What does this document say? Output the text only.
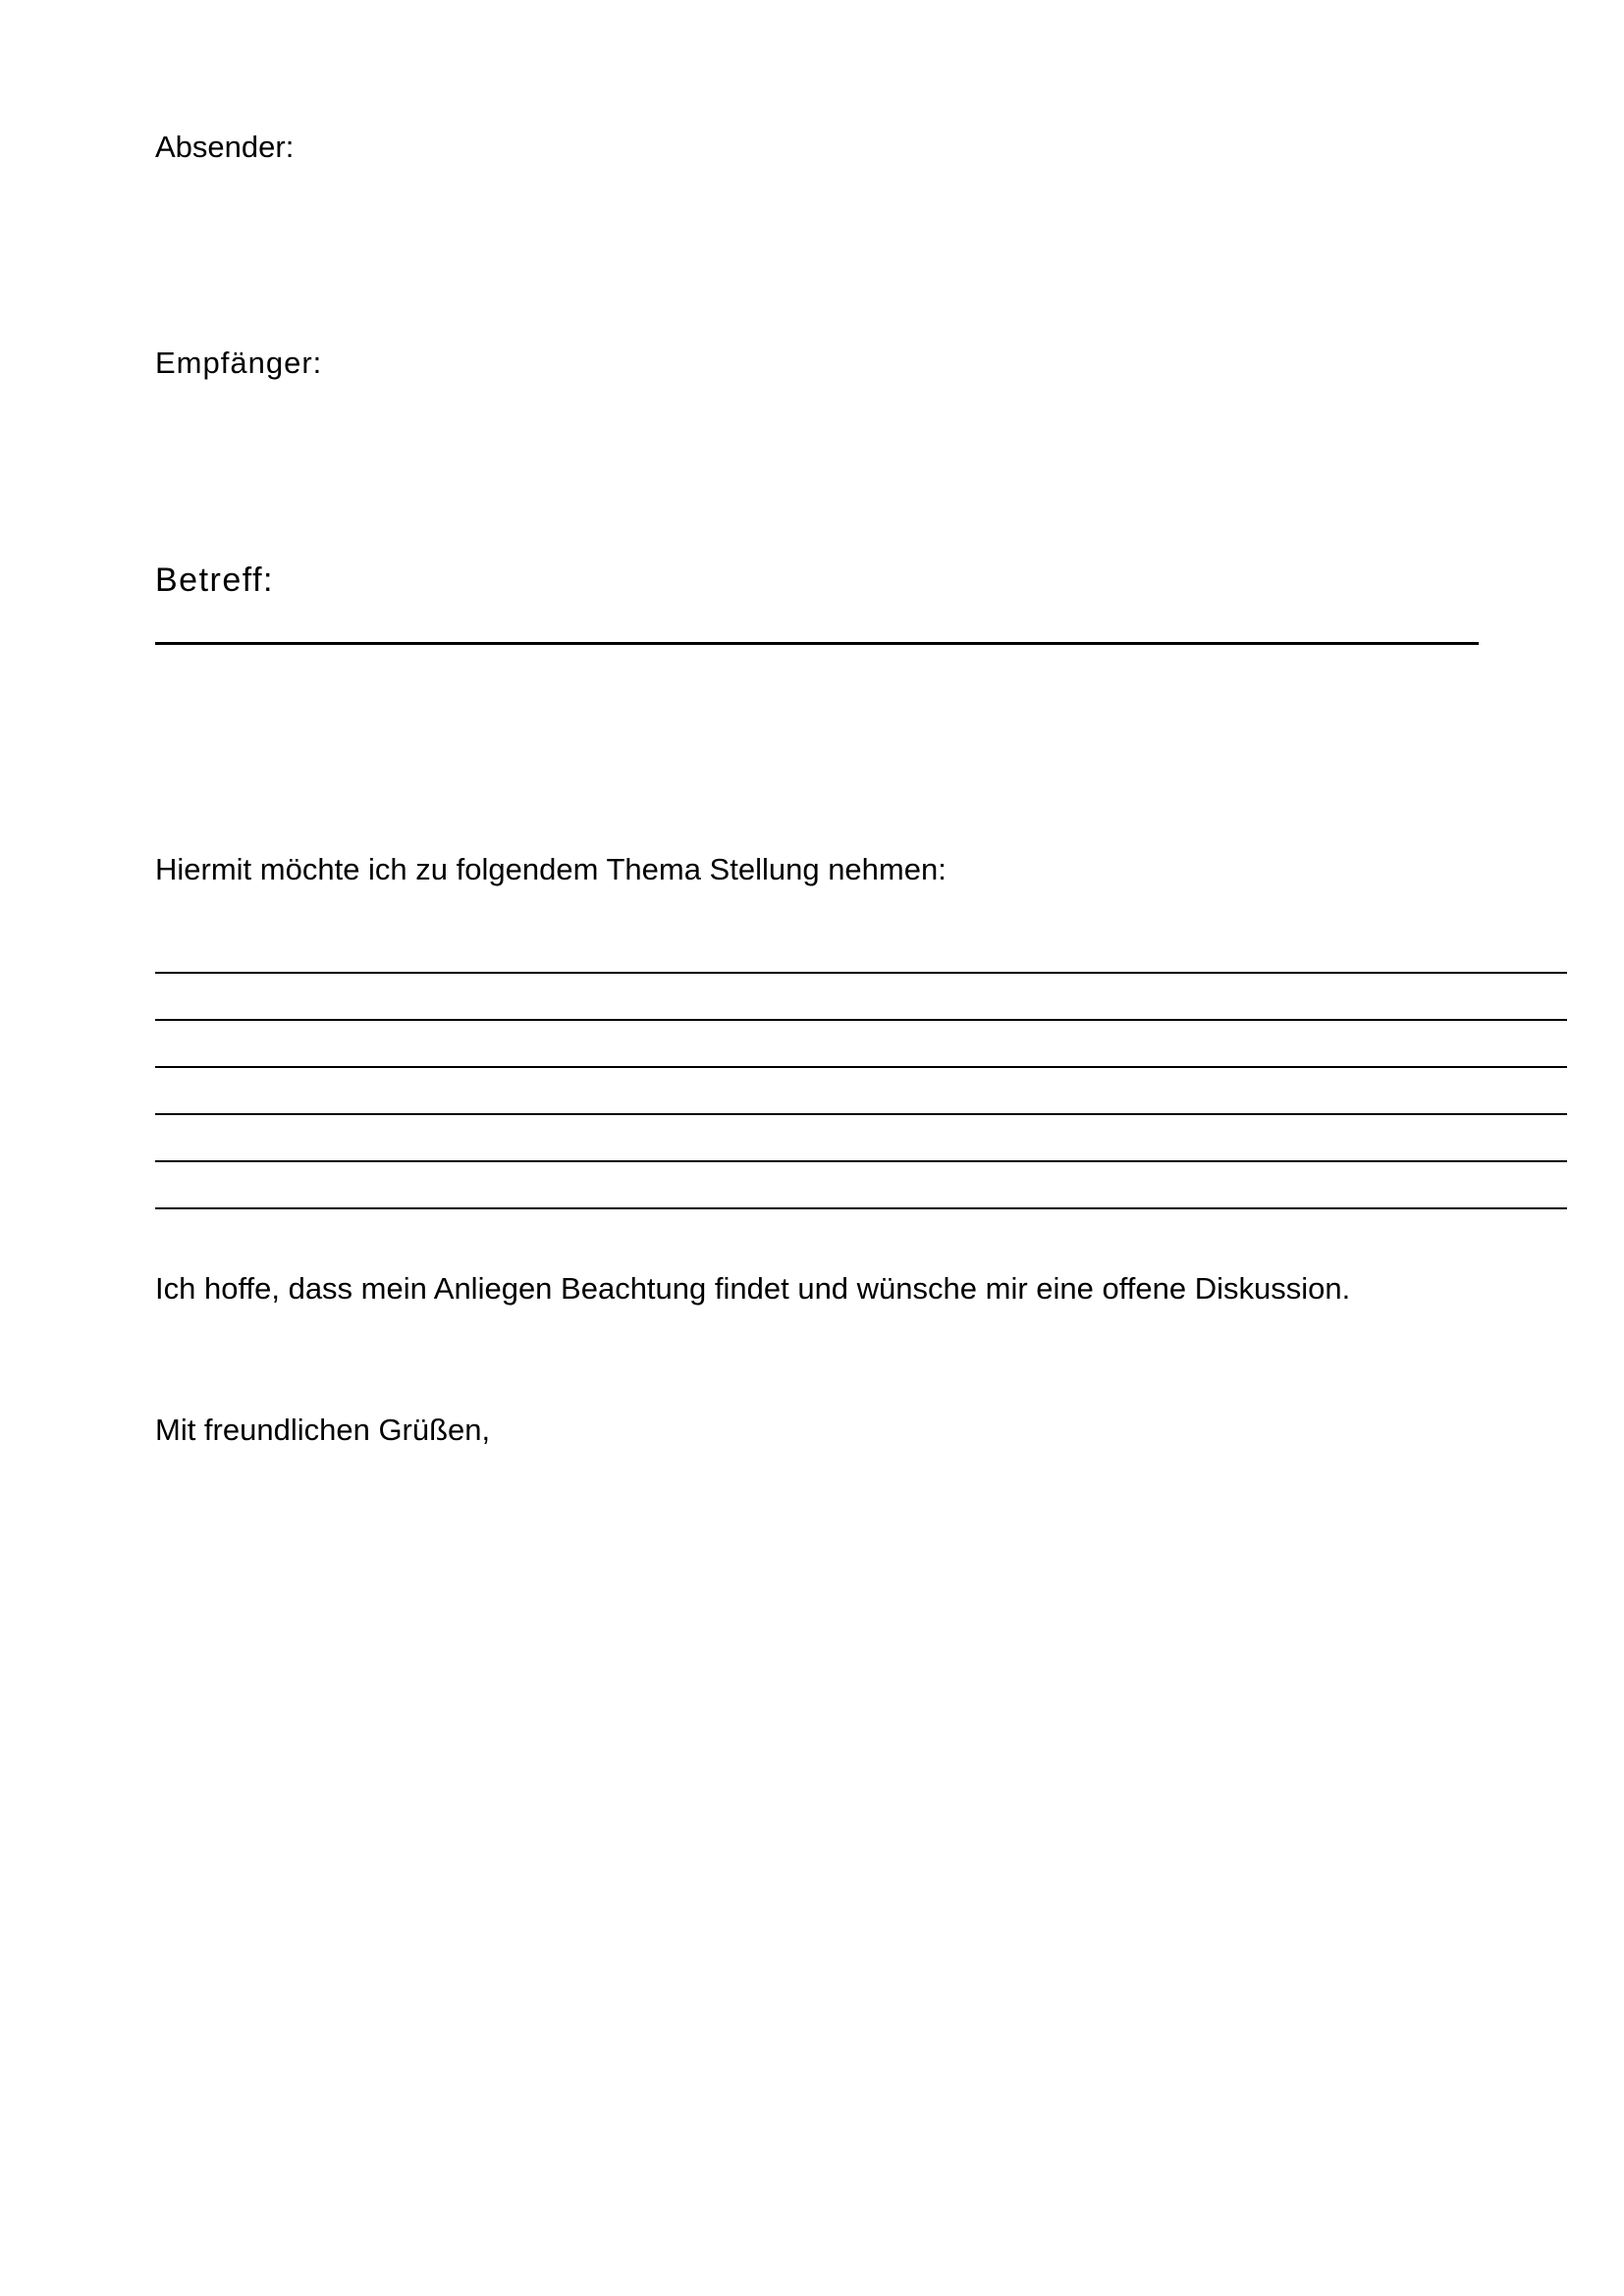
Absender:
Empfänger:
Betreff:
Hiermit möchte ich zu folgendem Thema Stellung nehmen:
Ich hoffe, dass mein Anliegen Beachtung findet und wünsche mir eine offene Diskussion.
Mit freundlichen Grüßen,
